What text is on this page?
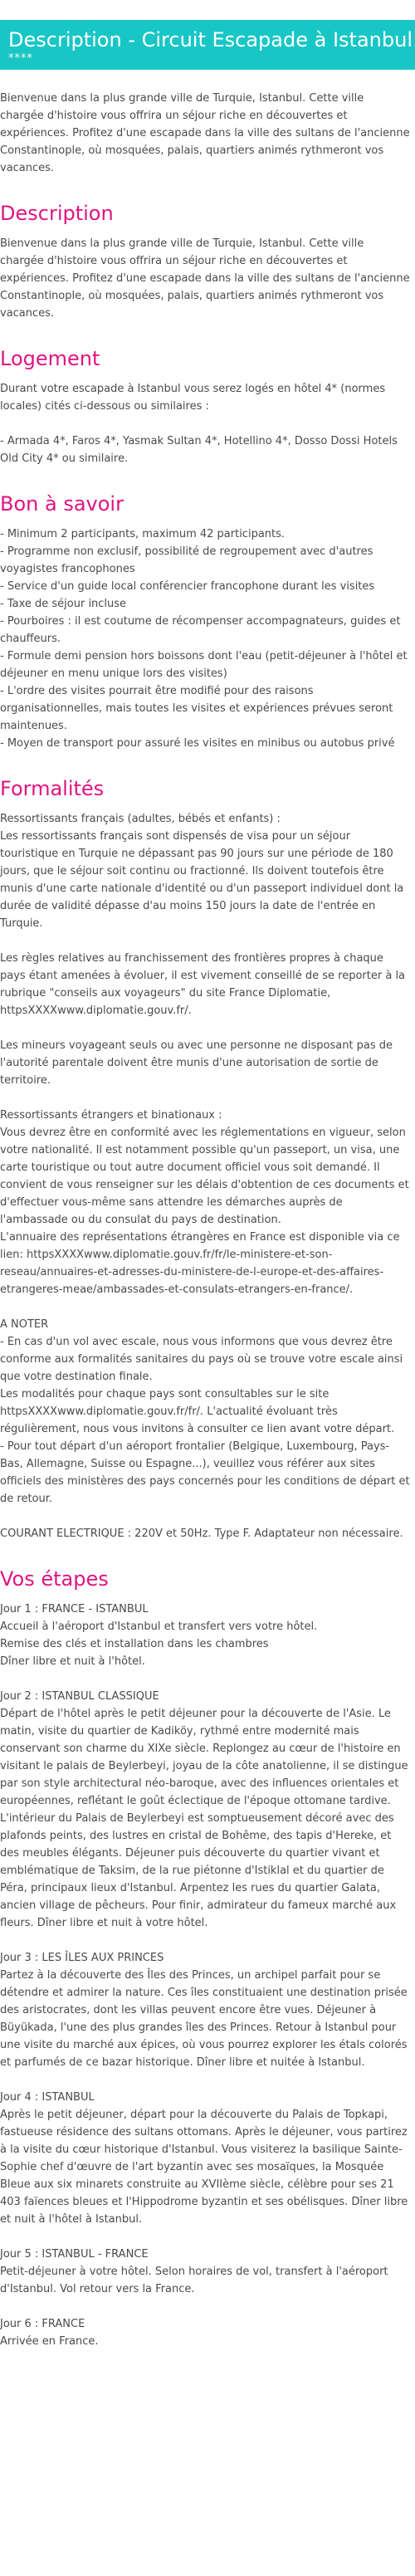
Description - Circuit Escapade à Istanbul
****

Bienvenue dans la plus grande ville de Turquie, Istanbul. Cette ville chargée d'histoire vous offrira un séjour riche en découvertes et expériences. Profitez d'une escapade dans la ville des sultans de l'ancienne Constantinople, où mosquées, palais, quartiers animés rythmeront vos vacances.

Description

Bienvenue dans la plus grande ville de Turquie, Istanbul. Cette ville chargée d'histoire vous offrira un séjour riche en découvertes et expériences. Profitez d'une escapade dans la ville des sultans de l'ancienne Constantinople, où mosquées, palais, quartiers animés rythmeront vos vacances.

Logement

Durant votre escapade à Istanbul vous serez logés en hôtel 4* (normes locales) cités ci-dessous ou similaires :

- Armada 4*, Faros 4*, Yasmak Sultan 4*, Hotellino 4*, Dosso Dossi Hotels Old City 4* ou similaire.

Bon à savoir
- Minimum 2 participants, maximum 42 participants.
- Programme non exclusif, possibilité de regroupement avec d'autres voyagistes francophones
- Service d'un guide local conférencier francophone durant les visites
- Taxe de séjour incluse
- Pourboires : il est coutume de récompenser accompagnateurs, guides et chauffeurs.
- Formule demi pension hors boissons dont l'eau (petit-déjeuner à l'hôtel et déjeuner en menu unique lors des visites)
- L'ordre des visites pourrait être modifié pour des raisons organisationnelles, mais toutes les visites et expériences prévues seront maintenues.
- Moyen de transport pour assuré les visites en minibus ou autobus privé
Formalités

Ressortissants français (adultes, bébés et enfants) :

Les ressortissants français sont dispensés de visa pour un séjour touristique en Turquie ne dépassant pas 90 jours sur une période de 180 jours, que le séjour soit continu ou fractionné. Ils doivent toutefois être munis d'une carte nationale d'identité ou d'un passeport individuel dont la durée de validité dépasse d'au moins 150 jours la date de l'entrée en Turquie.

Les règles relatives au franchissement des frontières propres à chaque pays étant amenées à évoluer, il est vivement conseillé de se reporter à la rubrique "conseils aux voyageurs" du site France Diplomatie, httpsXXXXwww.diplomatie.gouv.fr/.

Les mineurs voyageant seuls ou avec une personne ne disposant pas de l'autorité parentale doivent être munis d'une autorisation de sortie de territoire.

Ressortissants étrangers et binationaux :

Vous devrez être en conformité avec les réglementations en vigueur, selon votre nationalité. Il est notamment possible qu'un passeport, un visa, une carte touristique ou tout autre document officiel vous soit demandé. Il convient de vous renseigner sur les délais d'obtention de ces documents et d'effectuer vous-même sans attendre les démarches auprès de l'ambassade ou du consulat du pays de destination.

L'annuaire des représentations étrangères en France est disponible via ce lien: httpsXXXXwww.diplomatie.gouv.fr/fr/le-ministere-et-son-reseau/annuaires-et-adresses-du-ministere-de-l-europe-et-des-affaires-etrangeres-meae/ambassades-et-consulats-etrangers-en-france/.

A NOTER

- En cas d'un vol avec escale, nous vous informons que vous devrez être conforme aux formalités sanitaires du pays où se trouve votre escale ainsi que votre destination finale.

Les modalités pour chaque pays sont consultables sur le site httpsXXXXwww.diplomatie.gouv.fr/fr/. L'actualité évoluant très régulièrement, nous vous invitons à consulter ce lien avant votre départ.

- Pour tout départ d'un aéroport frontalier (Belgique, Luxembourg, Pays-Bas, Allemagne, Suisse ou Espagne...), veuillez vous référer aux sites officiels des ministères des pays concernés pour les conditions de départ et de retour.

COURANT ELECTRIQUE : 220V et 50Hz. Type F. Adaptateur non nécessaire.

Vos étapes

Jour 1 : FRANCE - ISTANBUL

Accueil à l'aéroport d'Istanbul et transfert vers votre hôtel.

Remise des clés et installation dans les chambres

Dîner libre et nuit à l'hôtel.

Jour 2 : ISTANBUL CLASSIQUE

Départ de l'hôtel après le petit déjeuner pour la découverte de l'Asie. Le matin, visite du quartier de Kadiköy, rythmé entre modernité mais conservant son charme du XIXe siècle. Replongez au cœur de l'histoire en visitant le palais de Beylerbeyi, joyau de la côte anatolienne, il se distingue par son style architectural néo-baroque, avec des influences orientales et européennes, reflétant le goût éclectique de l'époque ottomane tardive. L'intérieur du Palais de Beylerbeyi est somptueusement décoré avec des plafonds peints, des lustres en cristal de Bohême, des tapis d'Hereke, et des meubles élégants. Déjeuner puis découverte du quartier vivant et emblématique de Taksim, de la rue piétonne d'Istiklal et du quartier de Péra, principaux lieux d'Istanbul. Arpentez les rues du quartier Galata, ancien village de pêcheurs. Pour finir, admirateur du fameux marché aux fleurs. Dîner libre et nuit à votre hôtel.

Jour 3 : LES ÎLES AUX PRINCES

Partez à la découverte des Îles des Princes, un archipel parfait pour se détendre et admirer la nature. Ces îles constituaient une destination prisée des aristocrates, dont les villas peuvent encore être vues. Déjeuner à Büyükada, l'une des plus grandes îles des Princes. Retour à Istanbul pour une visite du marché aux épices, où vous pourrez explorer les étals colorés et parfumés de ce bazar historique. Dîner libre et nuitée à Istanbul.

Jour 4 : ISTANBUL

Après le petit déjeuner, départ pour la découverte du Palais de Topkapi, fastueuse résidence des sultans ottomans. Après le déjeuner, vous partirez à la visite du cœur historique d'Istanbul. Vous visiterez la basilique Sainte-Sophie chef d'œuvre de l'art byzantin avec ses mosaïques, la Mosquée Bleue aux six minarets construite au XVIIème siècle, célèbre pour ses 21 403 faïences bleues et l'Hippodrome byzantin et ses obélisques. Dîner libre et nuit à l'hôtel à Istanbul.

Jour 5 : ISTANBUL - FRANCE

Petit-déjeuner à votre hôtel. Selon horaires de vol, transfert à l'aéroport d'Istanbul. Vol retour vers la France.

Jour 6 : FRANCE

Arrivée en France.
